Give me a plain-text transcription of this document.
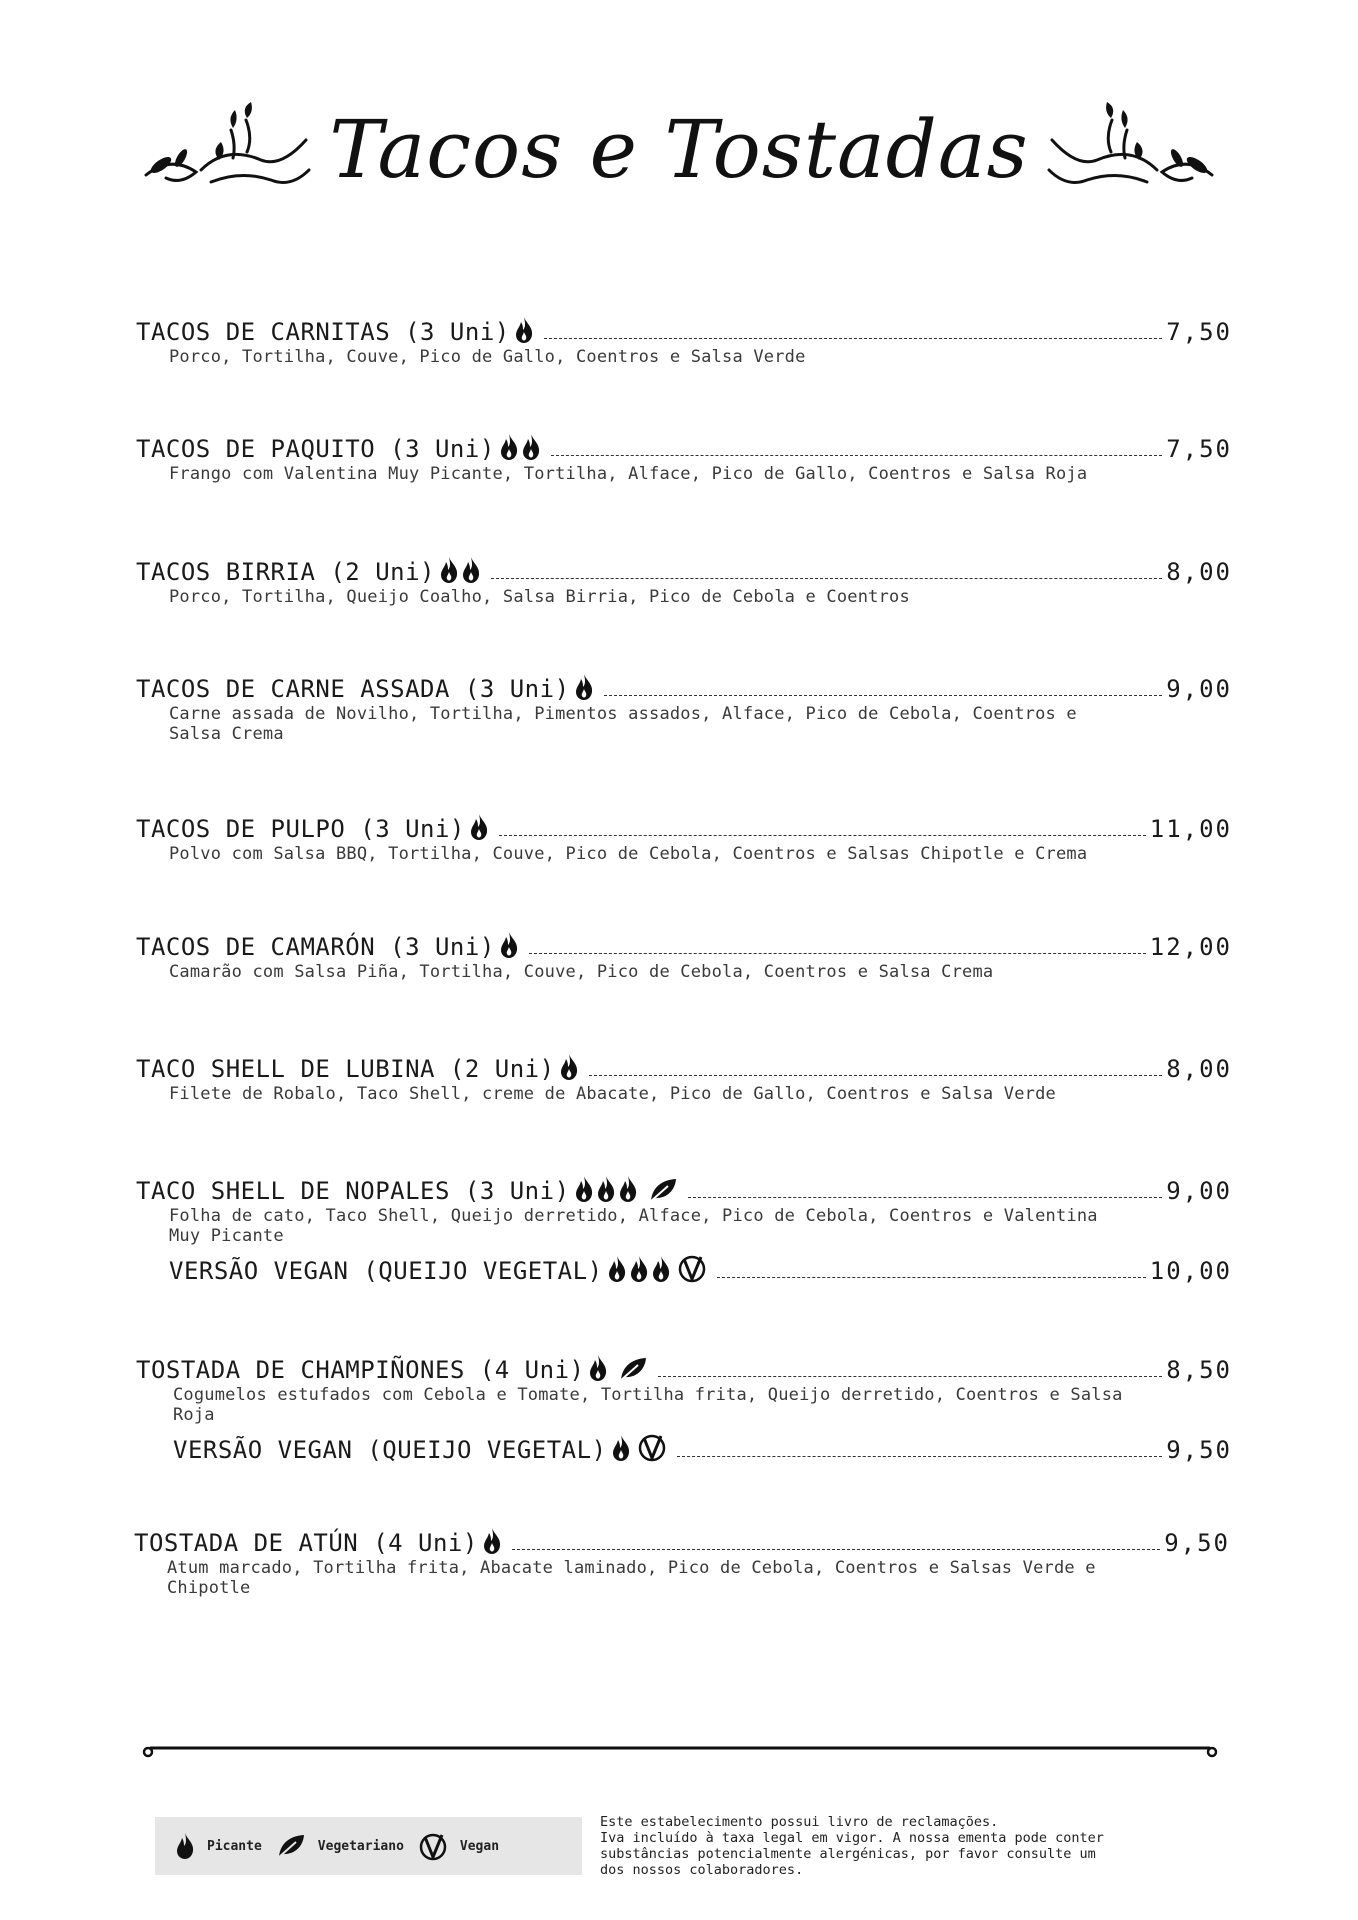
Tacos e Tostadas
TACOS DE CARNITAS (3 Uni)	7,50
Porco, Tortilha, Couve, Pico de Gallo, Coentros e Salsa Verde
TACOS DE PAQUITO (3 Uni)	7,50
Frango com Valentina Muy Picante, Tortilha, Alface, Pico de Gallo, Coentros e Salsa Roja
TACOS BIRRIA (2 Uni)	8,00
Porco, Tortilha, Queijo Coalho, Salsa Birria, Pico de Cebola e Coentros
TACOS DE CARNE ASSADA (3 Uni)	9,00
Carne assada de Novilho, Tortilha, Pimentos assados, Alface, Pico de Cebola, Coentros e Salsa Crema
TACOS DE PULPO (3 Uni)	11,00
Polvo com Salsa BBQ, Tortilha, Couve, Pico de Cebola, Coentros e Salsas Chipotle e Crema
TACOS DE CAMARÓN (3 Uni)	12,00
Camarão com Salsa Piña, Tortilha, Couve, Pico de Cebola, Coentros e Salsa Crema
TACO SHELL DE LUBINA (2 Uni)	8,00
Filete de Robalo, Taco Shell, creme de Abacate, Pico de Gallo, Coentros e Salsa Verde
TACO SHELL DE NOPALES (3 Uni)	9,00
Folha de cato, Taco Shell, Queijo derretido, Alface, Pico de Cebola, Coentros e Valentina Muy Picante
VERSÃO VEGAN (QUEIJO VEGETAL)	10,00
TOSTADA DE CHAMPIÑONES (4 Uni)	8,50
Cogumelos estufados com Cebola e Tomate, Tortilha frita, Queijo derretido, Coentros e Salsa Roja
VERSÃO VEGAN (QUEIJO VEGETAL)	9,50
TOSTADA DE ATÚN (4 Uni)	9,50
Atum marcado, Tortilha frita, Abacate laminado, Pico de Cebola, Coentros e Salsas Verde e Chipotle
Picante	Vegetariano	Vegan
Este estabelecimento possui livro de reclamações.
Iva incluído à taxa legal em vigor. A nossa ementa pode conter
substâncias potencialmente alergénicas, por favor consulte um
dos nossos colaboradores.
